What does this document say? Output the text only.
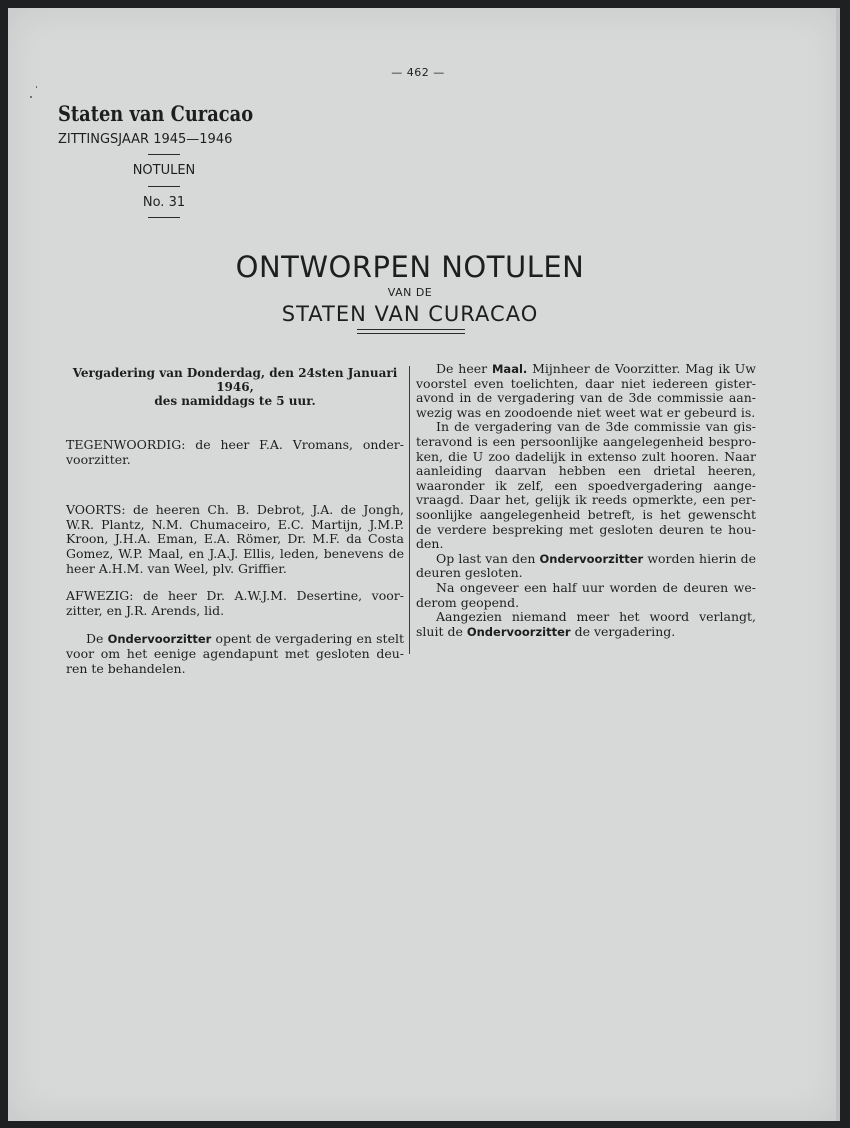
— 462 —
Staten van Curacao
ZITTINGSJAAR 1945—1946
NOTULEN
No. 31
ONTWORPEN NOTULEN
VAN DE
STATEN VAN CURACAO

Vergadering van Donderdag, den 24sten Januari 1946,
des namiddags te 5 uur.

TEGENWOORDIG: de heer F.A. Vromans, onder-voorzitter.

VOORTS: de heeren Ch. B. Debrot, J.A. de Jongh, W.R. Plantz, N.M. Chumaceiro, E.C. Martijn, J.M.P. Kroon, J.H.A. Eman, E.A. Römer, Dr. M.F. da Costa Gomez, W.P. Maal, en J.A.J. Ellis, leden, benevens de heer A.H.M. van Weel, plv. Griffier.

AFWEZIG: de heer Dr. A.W.J.M. Desertine, voor-zitter, en J.R. Arends, lid.

De Ondervoorzitter opent de vergadering en stelt voor om het eenige agendapunt met gesloten deu-ren te behandelen.

De heer Maal. Mijnheer de Voorzitter. Mag ik Uw voorstel even toelichten, daar niet iedereen gister-avond in de vergadering van de 3de commissie aan-wezig was en zoodoende niet weet wat er gebeurd is.

In de vergadering van de 3de commissie van gis-teravond is een persoonlijke aangelegenheid bespro-ken, die U zoo dadelijk in extenso zult hooren. Naar aanleiding daarvan hebben een drietal heeren, waaronder ik zelf, een spoedvergadering aange-vraagd. Daar het, gelijk ik reeds opmerkte, een per-soonlijke aangelegenheid betreft, is het gewenscht de verdere bespreking met gesloten deuren te hou-den.

Op last van den Ondervoorzitter worden hierin de deuren gesloten.

Na ongeveer een half uur worden de deuren we-derom geopend.

Aangezien niemand meer het woord verlangt, sluit de Ondervoorzitter de vergadering.
